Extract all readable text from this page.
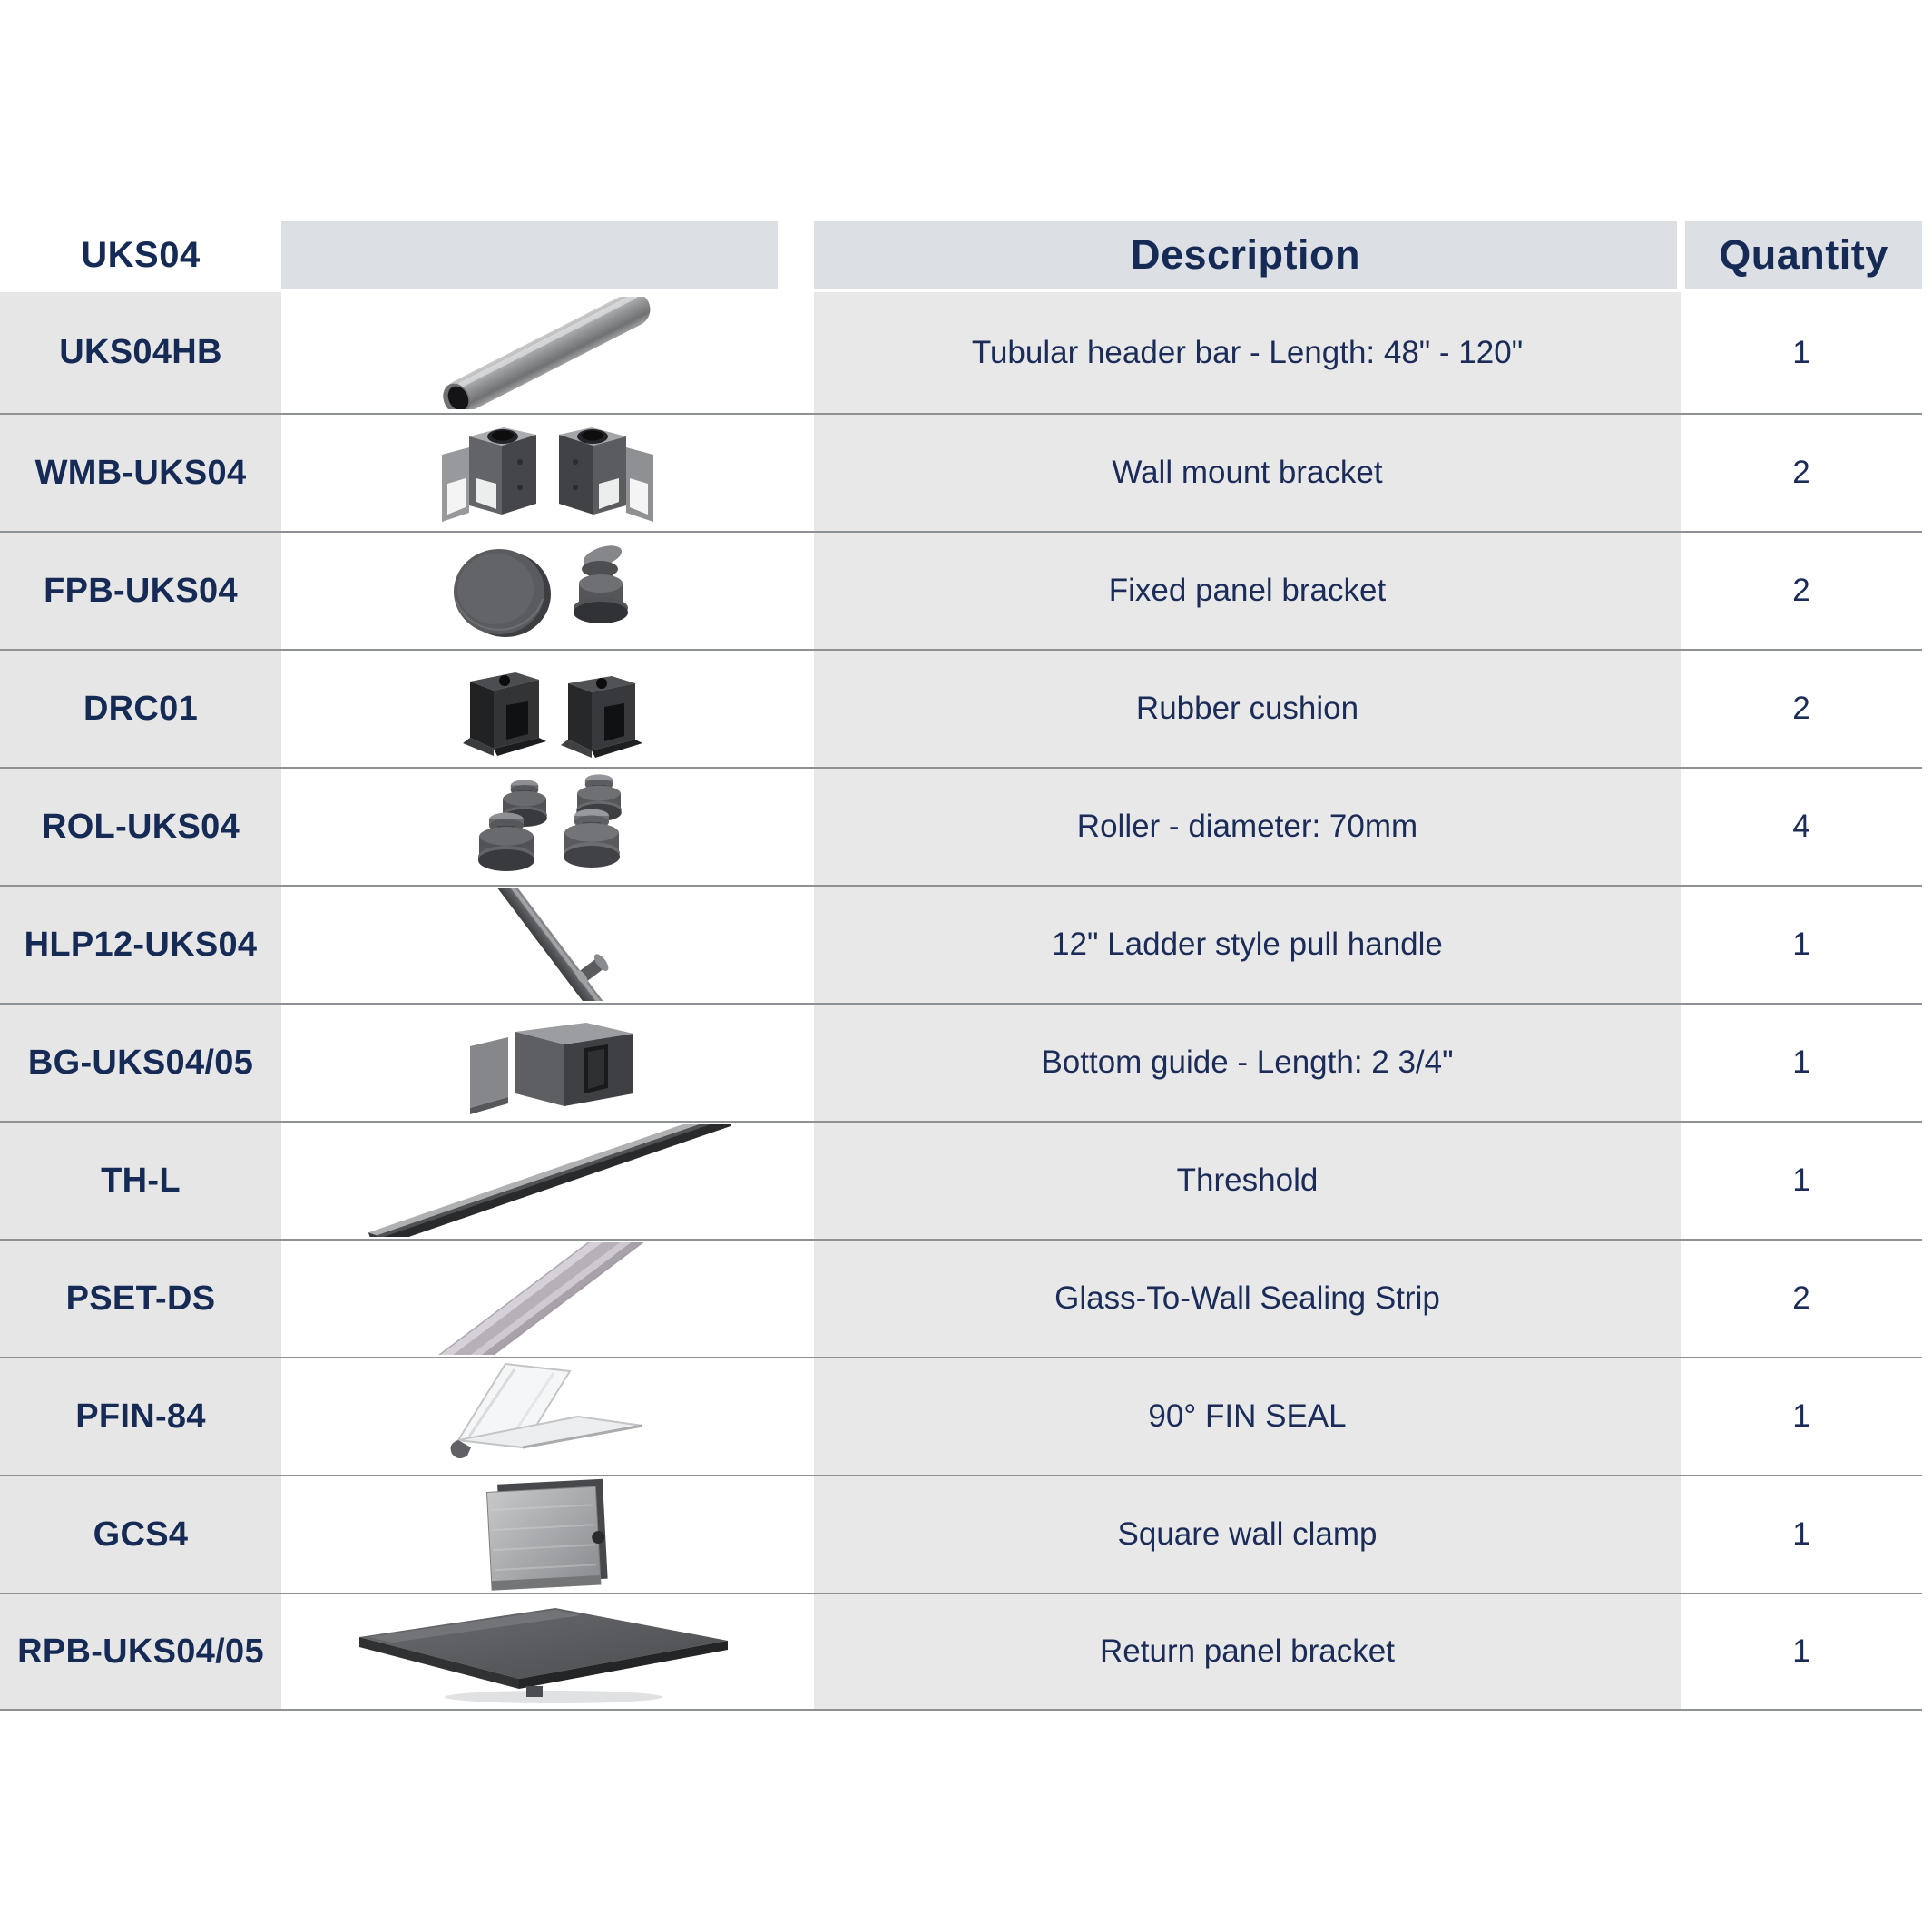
UKS04	Description	Quantity
UKS04HB	Tubular header bar - Length: 48" - 120"	1
WMB-UKS04	Wall mount bracket	2
FPB-UKS04	Fixed panel bracket	2
DRC01	Rubber cushion	2
ROL-UKS04	Roller - diameter: 70mm	4
HLP12-UKS04	12" Ladder style pull handle	1
BG-UKS04/05	Bottom guide - Length: 2 3/4"	1
TH-L	Threshold	1
PSET-DS	Glass-To-Wall Sealing Strip	2
PFIN-84	90° FIN SEAL	1
GCS4	Square wall clamp	1
RPB-UKS04/05	Return panel bracket	1
